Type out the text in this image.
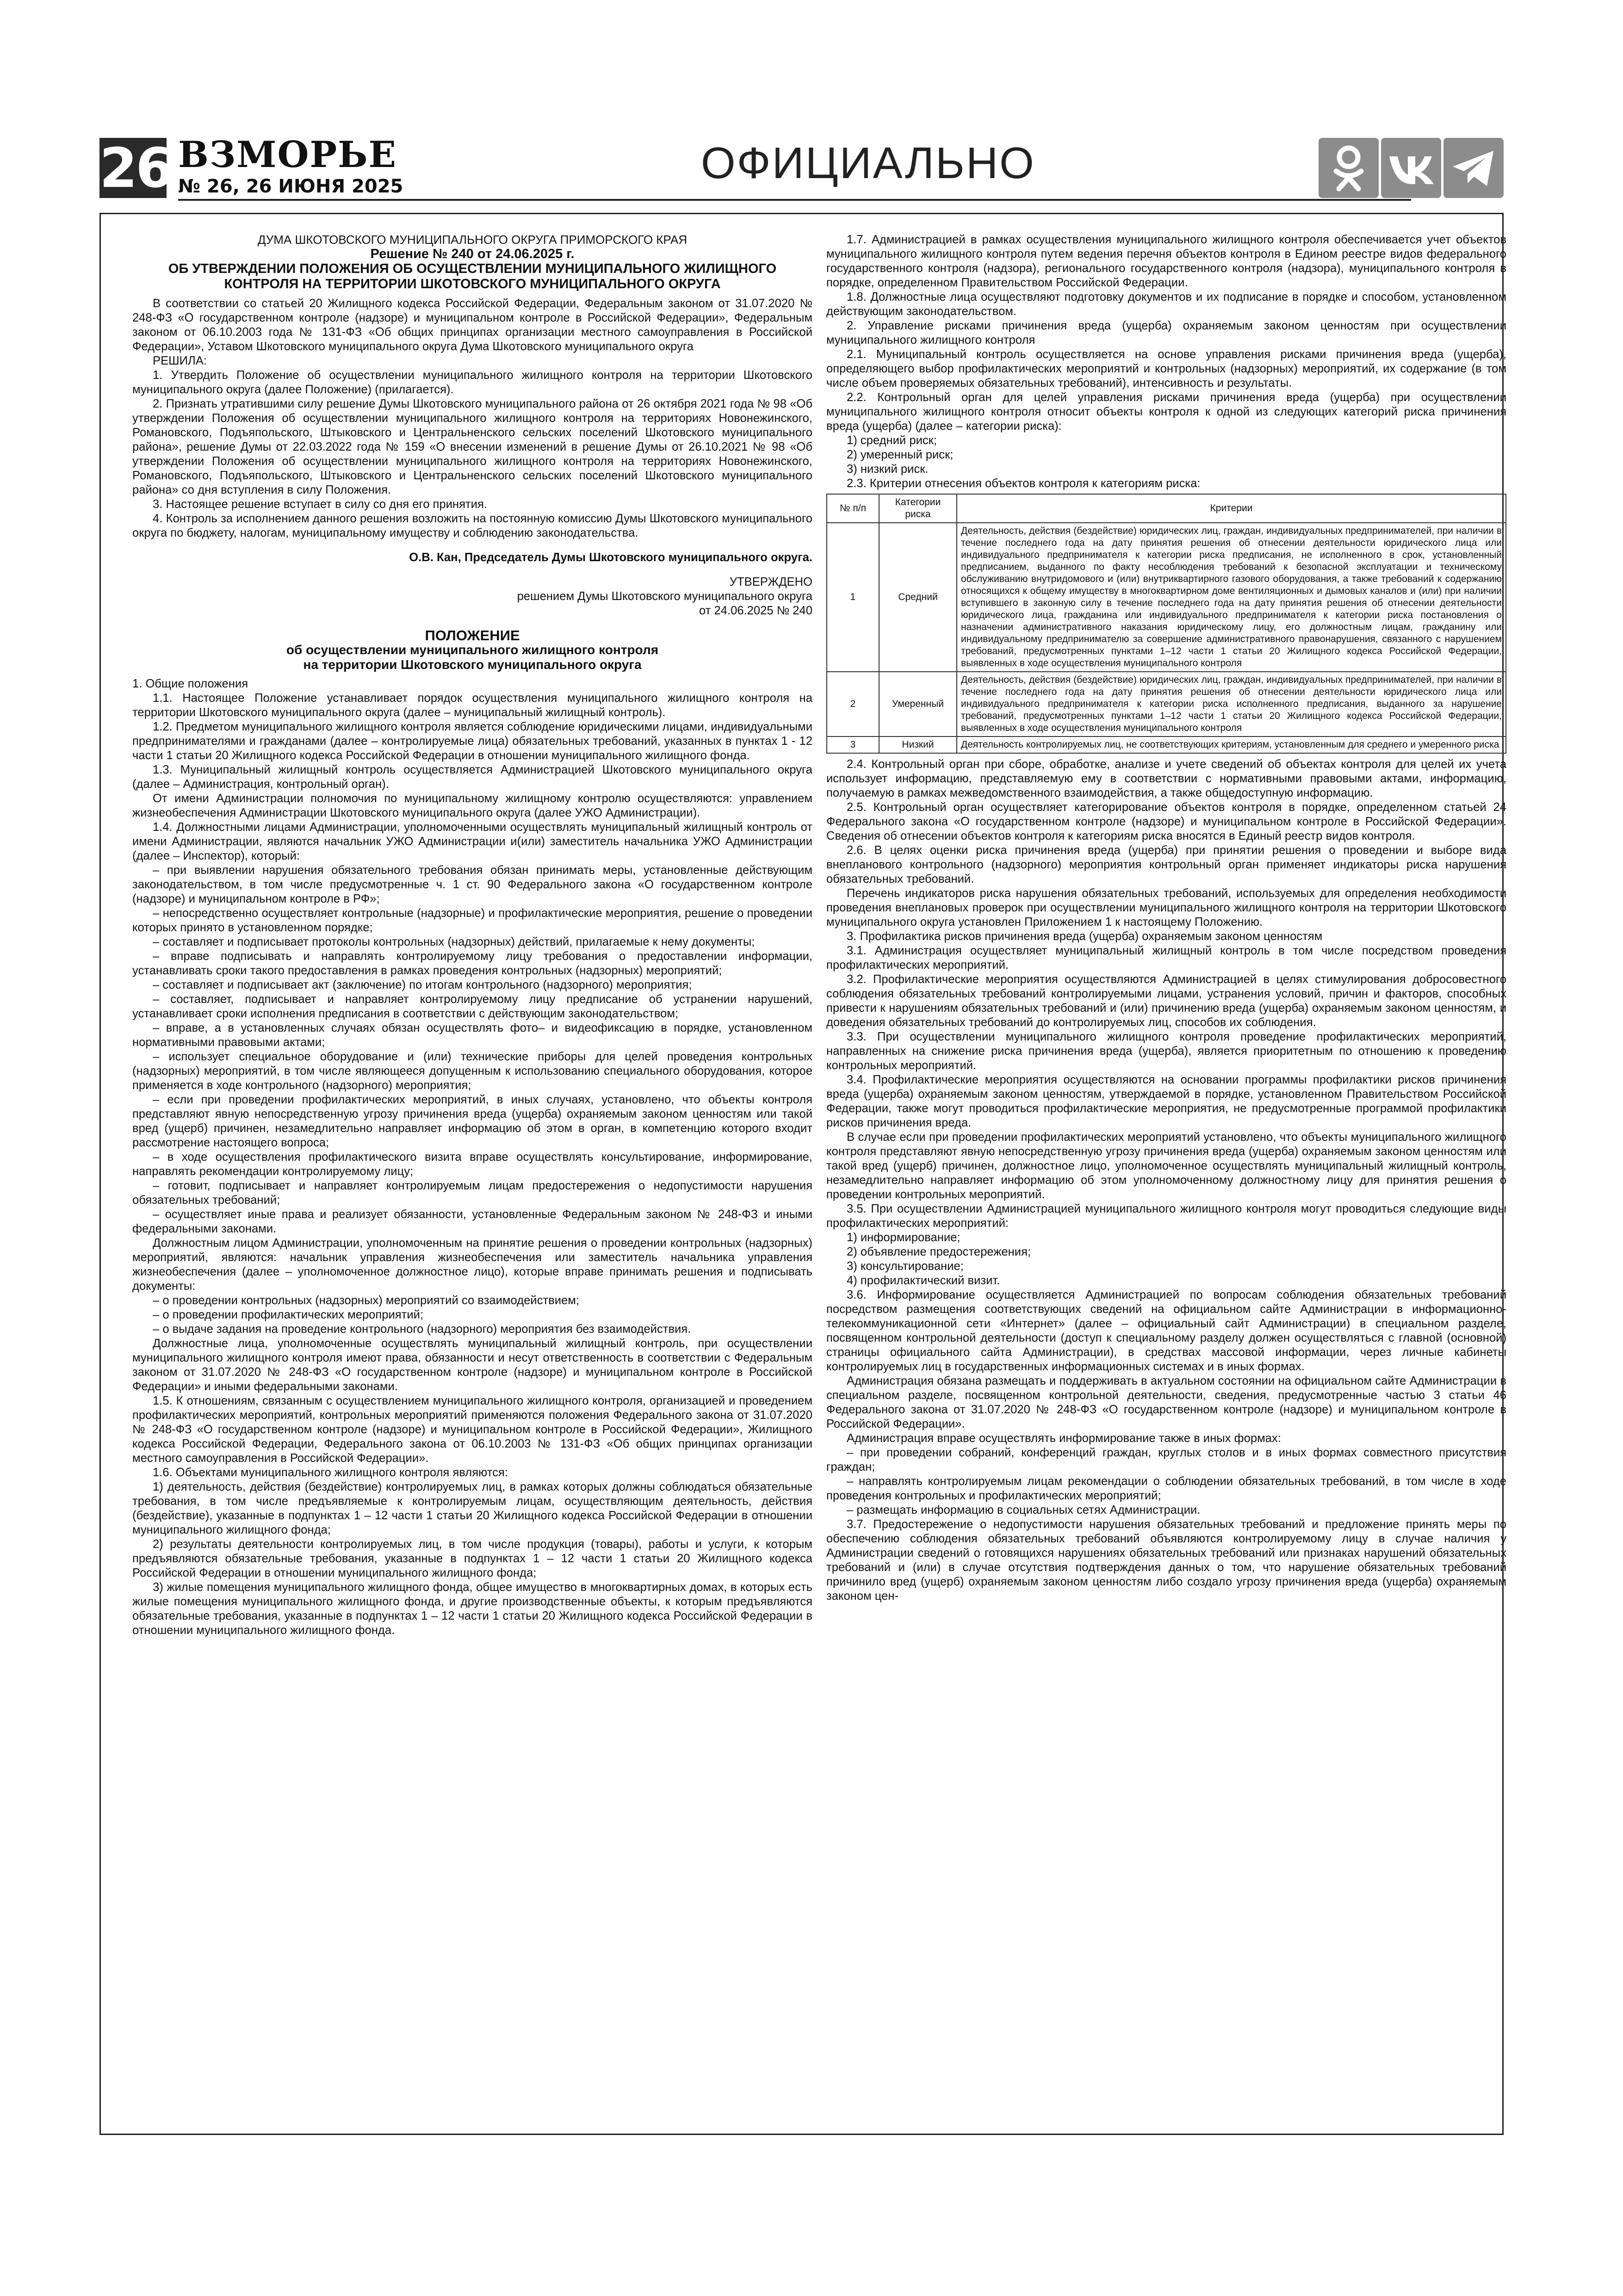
26 ВЗМОРЬЕ
№ 26, 26 ИЮНЯ 2025	ОФИЦИАЛЬНО

ДУМА ШКОТОВСКОГО МУНИЦИПАЛЬНОГО ОКРУГА ПРИМОРСКОГО КРАЯ

Решение № 240 от 24.06.2025 г.

ОБ УТВЕРЖДЕНИИ ПОЛОЖЕНИЯ ОБ ОСУЩЕСТВЛЕНИИ МУНИЦИПАЛЬНОГО ЖИЛИЩНОГО КОНТРОЛЯ НА ТЕРРИТОРИИ ШКОТОВСКОГО МУНИЦИПАЛЬНОГО ОКРУГА

В соответствии со статьей 20 Жилищного кодекса Российской Федерации, Федеральным законом от 31.07.2020 № 248-ФЗ «О государственном контроле (надзоре) и муниципальном контроле в Российской Федерации», Федеральным законом от 06.10.2003 года № 131-ФЗ «Об общих принципах организации местного самоуправления в Российской Федерации», Уставом Шкотовского муниципального округа Дума Шкотовского муниципального округа

РЕШИЛА:

1. Утвердить Положение об осуществлении муниципального жилищного контроля на территории Шкотовского муниципального округа (далее Положение) (прилагается).

2. Признать утратившими силу решение Думы Шкотовского муниципального района от 26 октября 2021 года № 98 «Об утверждении Положения об осуществлении муниципального жилищного контроля на территориях Новонежинского, Романовского, Подъяпольского, Штыковского и Центральненского сельских поселений Шкотовского муниципального района», решение Думы от 22.03.2022 года № 159 «О внесении изменений в решение Думы от 26.10.2021 № 98 «Об утверждении Положения об осуществлении муниципального жилищного контроля на территориях Новонежинского, Романовского, Подъяпольского, Штыковского и Центральненского сельских поселений Шкотовского муниципального района» со дня вступления в силу Положения.

3. Настоящее решение вступает в силу со дня его принятия.

4. Контроль за исполнением данного решения возложить на постоянную комиссию Думы Шкотовского муниципального округа по бюджету, налогам, муниципальному имуществу и соблюдению законодательства.

О.В. Кан, Председатель Думы Шкотовского муниципального округа.

УТВЕРЖДЕНО

решением Думы Шкотовского муниципального округа

от 24.06.2025 № 240

ПОЛОЖЕНИЕ

об осуществлении муниципального жилищного контроля

на территории Шкотовского муниципального округа

1. Общие положения

1.1. Настоящее Положение устанавливает порядок осуществления муниципального жилищного контроля на территории Шкотовского муниципального округа (далее – муниципальный жилищный контроль).

1.2. Предметом муниципального жилищного контроля является соблюдение юридическими лицами, индивидуальными предпринимателями и гражданами (далее – контролируемые лица) обязательных требований, указанных в пунктах 1 - 12 части 1 статьи 20 Жилищного кодекса Российской Федерации в отношении муниципального жилищного фонда.

1.3. Муниципальный жилищный контроль осуществляется Администрацией Шкотовского муниципального округа (далее – Администрация, контрольный орган).

От имени Администрации полномочия по муниципальному жилищному контролю осуществляются: управлением жизнеобеспечения Администрации Шкотовского муниципального округа (далее УЖО Администрации).

1.4. Должностными лицами Администрации, уполномоченными осуществлять муниципальный жилищный контроль от имени Администрации, являются начальник УЖО Администрации и(или) заместитель начальника УЖО Администрации (далее – Инспектор), который:

– при выявлении нарушения обязательного требования обязан принимать меры, установленные действующим законодательством, в том числе предусмотренные ч. 1 ст. 90 Федерального закона «О государственном контроле (надзоре) и муниципальном контроле в РФ»;

– непосредственно осуществляет контрольные (надзорные) и профилактические мероприятия, решение о проведении которых принято в установленном порядке;

– составляет и подписывает протоколы контрольных (надзорных) действий, прилагаемые к нему документы;

– вправе подписывать и направлять контролируемому лицу требования о предоставлении информации, устанавливать сроки такого предоставления в рамках проведения контрольных (надзорных) мероприятий;

– составляет и подписывает акт (заключение) по итогам контрольного (надзорного) мероприятия;

– составляет, подписывает и направляет контролируемому лицу предписание об устранении нарушений, устанавливает сроки исполнения предписания в соответствии с действующим законодательством;

– вправе, а в установленных случаях обязан осуществлять фото– и видеофиксацию в порядке, установленном нормативными правовыми актами;

– использует специальное оборудование и (или) технические приборы для целей проведения контрольных (надзорных) мероприятий, в том числе являющееся допущенным к использованию специального оборудования, которое применяется в ходе контрольного (надзорного) мероприятия;

– если при проведении профилактических мероприятий, в иных случаях, установлено, что объекты контроля представляют явную непосредственную угрозу причинения вреда (ущерба) охраняемым законом ценностям или такой вред (ущерб) причинен, незамедлительно направляет информацию об этом в орган, в компетенцию которого входит рассмотрение настоящего вопроса;

– в ходе осуществления профилактического визита вправе осуществлять консультирование, информирование, направлять рекомендации контролируемому лицу;

– готовит, подписывает и направляет контролируемым лицам предостережения о недопустимости нарушения обязательных требований;

– осуществляет иные права и реализует обязанности, установленные Федеральным законом № 248-ФЗ и иными федеральными законами.

Должностным лицом Администрации, уполномоченным на принятие решения о проведении контрольных (надзорных) мероприятий, являются: начальник управления жизнеобеспечения или заместитель начальника управления жизнеобеспечения (далее – уполномоченное должностное лицо), которые вправе принимать решения и подписывать документы:

– о проведении контрольных (надзорных) мероприятий со взаимодействием;

– о проведении профилактических мероприятий;

– о выдаче задания на проведение контрольного (надзорного) мероприятия без взаимодействия.

Должностные лица, уполномоченные осуществлять муниципальный жилищный контроль, при осуществлении муниципального жилищного контроля имеют права, обязанности и несут ответственность в соответствии с Федеральным законом от 31.07.2020 № 248-ФЗ «О государственном контроле (надзоре) и муниципальном контроле в Российской Федерации» и иными федеральными законами.

1.5. К отношениям, связанным с осуществлением муниципального жилищного контроля, организацией и проведением профилактических мероприятий, контрольных мероприятий применяются положения Федерального закона от 31.07.2020 № 248-ФЗ «О государственном контроле (надзоре) и муниципальном контроле в Российской Федерации», Жилищного кодекса Российской Федерации, Федерального закона от 06.10.2003 № 131-ФЗ «Об общих принципах организации местного самоуправления в Российской Федерации».

1.6. Объектами муниципального жилищного контроля являются:

1) деятельность, действия (бездействие) контролируемых лиц, в рамках которых должны соблюдаться обязательные требования, в том числе предъявляемые к контролируемым лицам, осуществляющим деятельность, действия (бездействие), указанные в подпунктах 1 – 12 части 1 статьи 20 Жилищного кодекса Российской Федерации в отношении муниципального жилищного фонда;

2) результаты деятельности контролируемых лиц, в том числе продукция (товары), работы и услуги, к которым предъявляются обязательные требования, указанные в подпунктах 1 – 12 части 1 статьи 20 Жилищного кодекса Российской Федерации в отношении муниципального жилищного фонда;

3) жилые помещения муниципального жилищного фонда, общее имущество в многоквартирных домах, в которых есть жилые помещения муниципального жилищного фонда, и другие производственные объекты, к которым предъявляются обязательные требования, указанные в подпунктах 1 – 12 части 1 статьи 20 Жилищного кодекса Российской Федерации в отношении муниципального жилищного фонда.

1.7. Администрацией в рамках осуществления муниципального жилищного контроля обеспечивается учет объектов муниципального жилищного контроля путем ведения перечня объектов контроля в Едином реестре видов федерального государственного контроля (надзора), регионального государственного контроля (надзора), муниципального контроля в порядке, определенном Правительством Российской Федерации.

1.8. Должностные лица осуществляют подготовку документов и их подписание в порядке и способом, установленном действующим законодательством.

2. Управление рисками причинения вреда (ущерба) охраняемым законом ценностям при осуществлении муниципального жилищного контроля

2.1. Муниципальный контроль осуществляется на основе управления рисками причинения вреда (ущерба), определяющего выбор профилактических мероприятий и контрольных (надзорных) мероприятий, их содержание (в том числе объем проверяемых обязательных требований), интенсивность и результаты.

2.2. Контрольный орган для целей управления рисками причинения вреда (ущерба) при осуществлении муниципального жилищного контроля относит объекты контроля к одной из следующих категорий риска причинения вреда (ущерба) (далее – категории риска):

1) средний риск;

2) умеренный риск;

3) низкий риск.

2.3. Критерии отнесения объектов контроля к категориям риска:

№ п/п	Категории риска	Критерии
1	Средний	Деятельность, действия (бездействие) юридических лиц, граждан, индивидуальных предпринимателей, при наличии в течение последнего года на дату принятия решения об отнесении деятельности юридического лица или индивидуального предпринимателя к категории риска предписания, не исполненного в срок, установленный предписанием, выданного по факту несоблюдения требований к безопасной эксплуатации и техническому обслуживанию внутридомового и (или) внутриквартирного газового оборудования, а также требований к содержанию относящихся к общему имуществу в многоквартирном доме вентиляционных и дымовых каналов и (или) при наличии вступившего в законную силу в течение последнего года на дату принятия решения об отнесении деятельности юридического лица, гражданина или индивидуального предпринимателя к категории риска постановления о назначении административного наказания юридическому лицу, его должностным лицам, гражданину или индивидуальному предпринимателю за совершение административного правонарушения, связанного с нарушением требований, предусмотренных пунктами 1–12 части 1 статьи 20 Жилищного кодекса Российской Федерации, выявленных в ходе осуществления муниципального контроля
2	Умеренный	Деятельность, действия (бездействие) юридических лиц, граждан, индивидуальных предпринимателей, при наличии в течение последнего года на дату принятия решения об отнесении деятельности юридического лица или индивидуального предпринимателя к категории риска исполненного предписания, выданного за нарушение требований, предусмотренных пунктами 1–12 части 1 статьи 20 Жилищного кодекса Российской Федерации, выявленных в ходе осуществления муниципального контроля
3	Низкий	Деятельность контролируемых лиц, не соответствующих критериям, установленным для среднего и умеренного риска

2.4. Контрольный орган при сборе, обработке, анализе и учете сведений об объектах контроля для целей их учета использует информацию, представляемую ему в соответствии с нормативными правовыми актами, информацию, получаемую в рамках межведомственного взаимодействия, а также общедоступную информацию.

2.5. Контрольный орган осуществляет категорирование объектов контроля в порядке, определенном статьей 24 Федерального закона «О государственном контроле (надзоре) и муниципальном контроле в Российской Федерации». Сведения об отнесении объектов контроля к категориям риска вносятся в Единый реестр видов контроля.

2.6. В целях оценки риска причинения вреда (ущерба) при принятии решения о проведении и выборе вида внепланового контрольного (надзорного) мероприятия контрольный орган применяет индикаторы риска нарушения обязательных требований.

Перечень индикаторов риска нарушения обязательных требований, используемых для определения необходимости проведения внеплановых проверок при осуществлении муниципального жилищного контроля на территории Шкотовского муниципального округа установлен Приложением 1 к настоящему Положению.

3. Профилактика рисков причинения вреда (ущерба) охраняемым законом ценностям

3.1. Администрация осуществляет муниципальный жилищный контроль в том числе посредством проведения профилактических мероприятий.

3.2. Профилактические мероприятия осуществляются Администрацией в целях стимулирования добросовестного соблюдения обязательных требований контролируемыми лицами, устранения условий, причин и факторов, способных привести к нарушениям обязательных требований и (или) причинению вреда (ущерба) охраняемым законом ценностям, и доведения обязательных требований до контролируемых лиц, способов их соблюдения.

3.3. При осуществлении муниципального жилищного контроля проведение профилактических мероприятий, направленных на снижение риска причинения вреда (ущерба), является приоритетным по отношению к проведению контрольных мероприятий.

3.4. Профилактические мероприятия осуществляются на основании программы профилактики рисков причинения вреда (ущерба) охраняемым законом ценностям, утверждаемой в порядке, установленном Правительством Российской Федерации, также могут проводиться профилактические мероприятия, не предусмотренные программой профилактики рисков причинения вреда.

В случае если при проведении профилактических мероприятий установлено, что объекты муниципального жилищного контроля представляют явную непосредственную угрозу причинения вреда (ущерба) охраняемым законом ценностям или такой вред (ущерб) причинен, должностное лицо, уполномоченное осуществлять муниципальный жилищный контроль, незамедлительно направляет информацию об этом уполномоченному должностному лицу для принятия решения о проведении контрольных мероприятий.

3.5. При осуществлении Администрацией муниципального жилищного контроля могут проводиться следующие виды профилактических мероприятий:

1) информирование;

2) объявление предостережения;

3) консультирование;

4) профилактический визит.

3.6. Информирование осуществляется Администрацией по вопросам соблюдения обязательных требований посредством размещения соответствующих сведений на официальном сайте Администрации в информационно-телекоммуникационной сети «Интернет» (далее – официальный сайт Администрации) в специальном разделе, посвященном контрольной деятельности (доступ к специальному разделу должен осуществляться с главной (основной) страницы официального сайта Администрации), в средствах массовой информации, через личные кабинеты контролируемых лиц в государственных информационных системах и в иных формах.

Администрация обязана размещать и поддерживать в актуальном состоянии на официальном сайте Администрации в специальном разделе, посвященном контрольной деятельности, сведения, предусмотренные частью 3 статьи 46 Федерального закона от 31.07.2020 № 248-ФЗ «О государственном контроле (надзоре) и муниципальном контроле в Российской Федерации».

Администрация вправе осуществлять информирование также в иных формах:

– при проведении собраний, конференций граждан, круглых столов и в иных формах совместного присутствия граждан;

– направлять контролируемым лицам рекомендации о соблюдении обязательных требований, в том числе в ходе проведения контрольных и профилактических мероприятий;

– размещать информацию в социальных сетях Администрации.

3.7. Предостережение о недопустимости нарушения обязательных требований и предложение принять меры по обеспечению соблюдения обязательных требований объявляются контролируемому лицу в случае наличия у Администрации сведений о готовящихся нарушениях обязательных требований или признаках нарушений обязательных требований и (или) в случае отсутствия подтверждения данных о том, что нарушение обязательных требований причинило вред (ущерб) охраняемым законом ценностям либо создало угрозу причинения вреда (ущерба) охраняемым законом цен-
